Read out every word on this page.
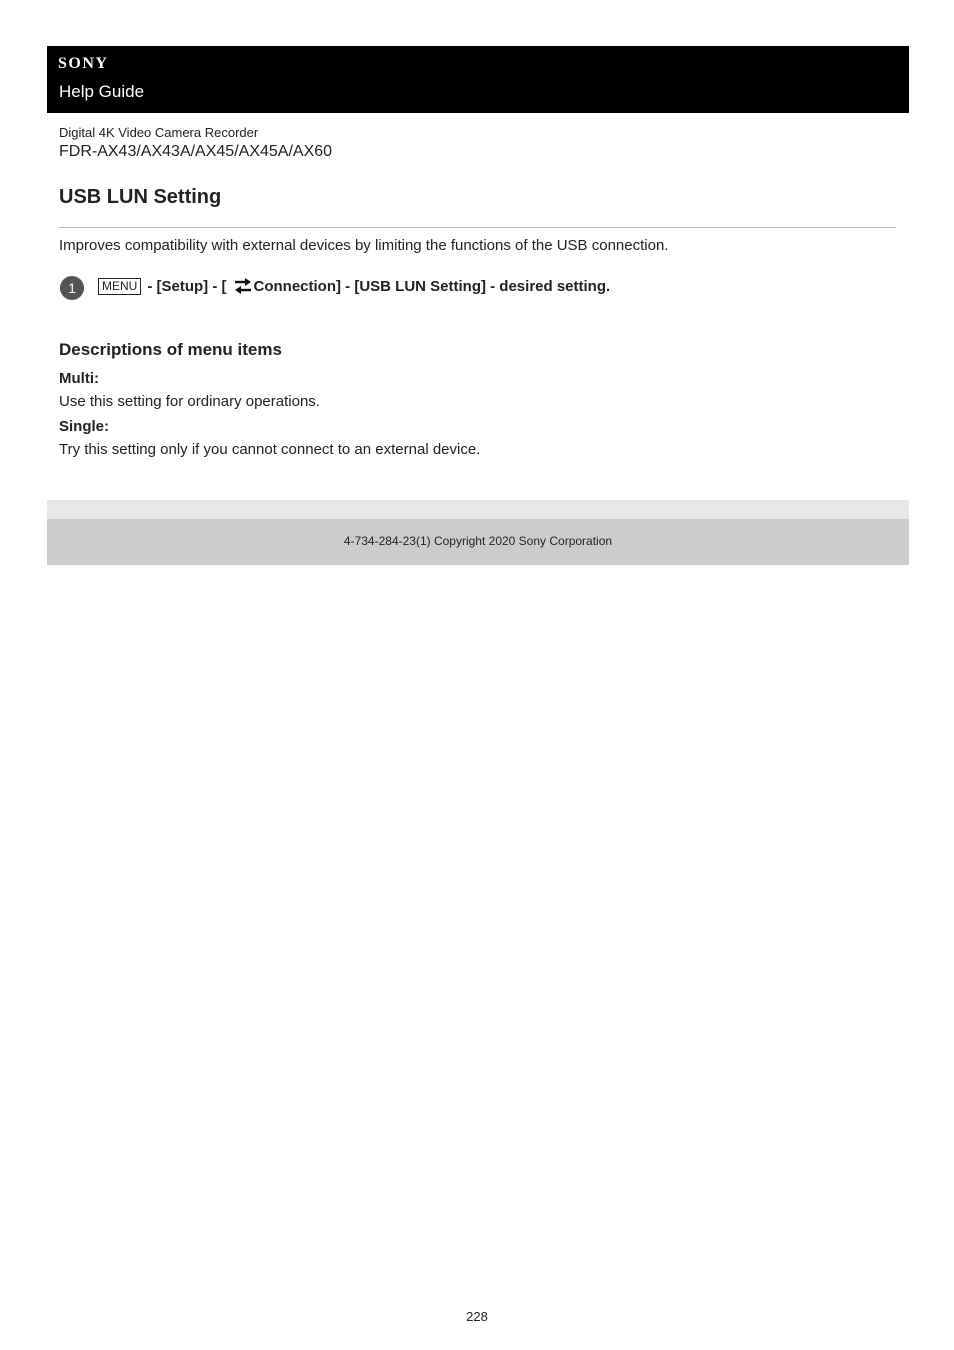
SONY
Help Guide
Digital 4K Video Camera Recorder
FDR-AX43/AX43A/AX45/AX45A/AX60
USB LUN Setting
Improves compatibility with external devices by limiting the functions of the USB connection.
1	MENU - [Setup] - [ Connection] - [USB LUN Setting] - desired setting.
Descriptions of menu items
Multi:
Use this setting for ordinary operations.
Single:
Try this setting only if you cannot connect to an external device.
4-734-284-23(1) Copyright 2020 Sony Corporation
228
